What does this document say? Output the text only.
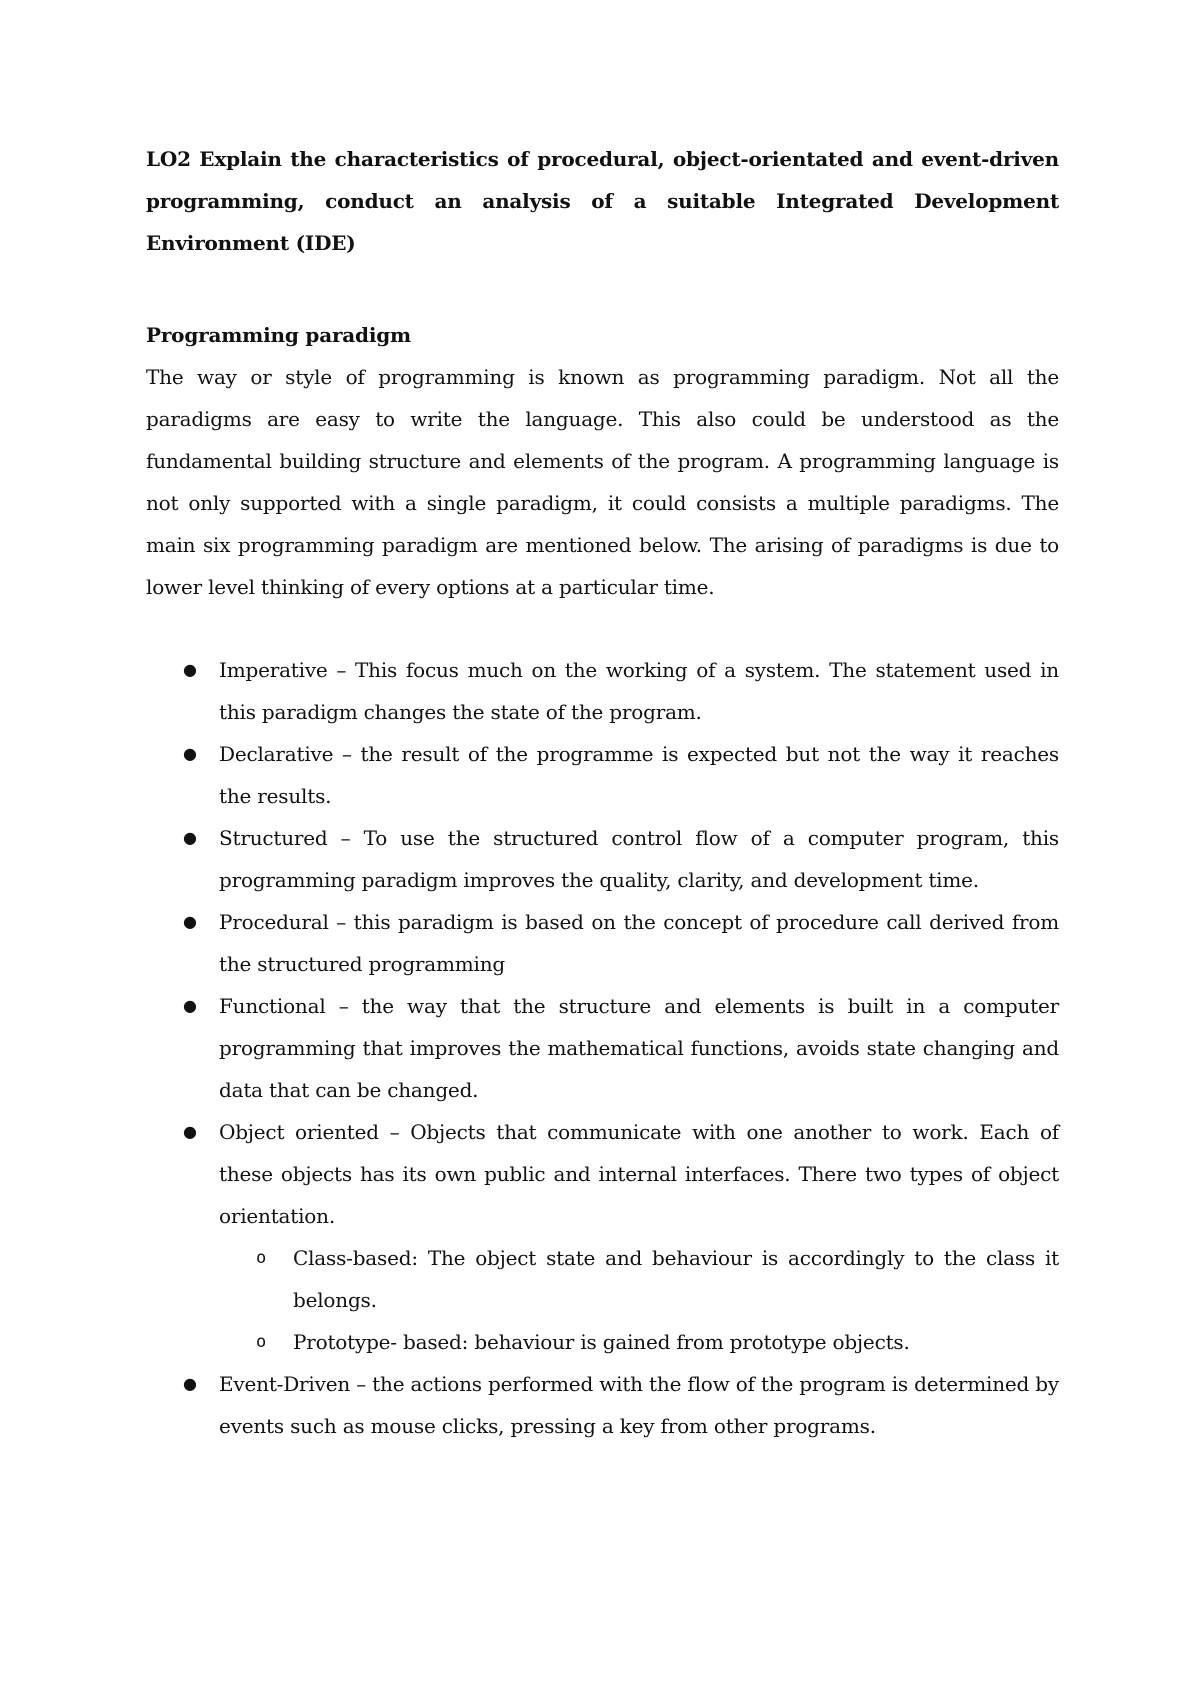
LO2 Explain the characteristics of procedural, object-orientated and event-driven programming, conduct an analysis of a suitable Integrated Development Environment (IDE)

Programming paradigm

The way or style of programming is known as programming paradigm. Not all the paradigms are easy to write the language. This also could be understood as the fundamental building structure and elements of the program. A programming language is not only supported with a single paradigm, it could consists a multiple paradigms. The main six programming paradigm are mentioned below. The arising of paradigms is due to lower level thinking of every options at a particular time.

● Imperative – This focus much on the working of a system. The statement used in this paradigm changes the state of the program.
● Declarative – the result of the programme is expected but not the way it reaches the results.
● Structured – To use the structured control flow of a computer program, this programming paradigm improves the quality, clarity, and development time.
● Procedural – this paradigm is based on the concept of procedure call derived from the structured programming
● Functional – the way that the structure and elements is built in a computer programming that improves the mathematical functions, avoids state changing and data that can be changed.
● Object oriented – Objects that communicate with one another to work. Each of these objects has its own public and internal interfaces. There two types of object orientation.
o Class-based: The object state and behaviour is accordingly to the class it belongs.
o Prototype- based: behaviour is gained from prototype objects.
● Event-Driven – the actions performed with the flow of the program is determined by events such as mouse clicks, pressing a key from other programs.
